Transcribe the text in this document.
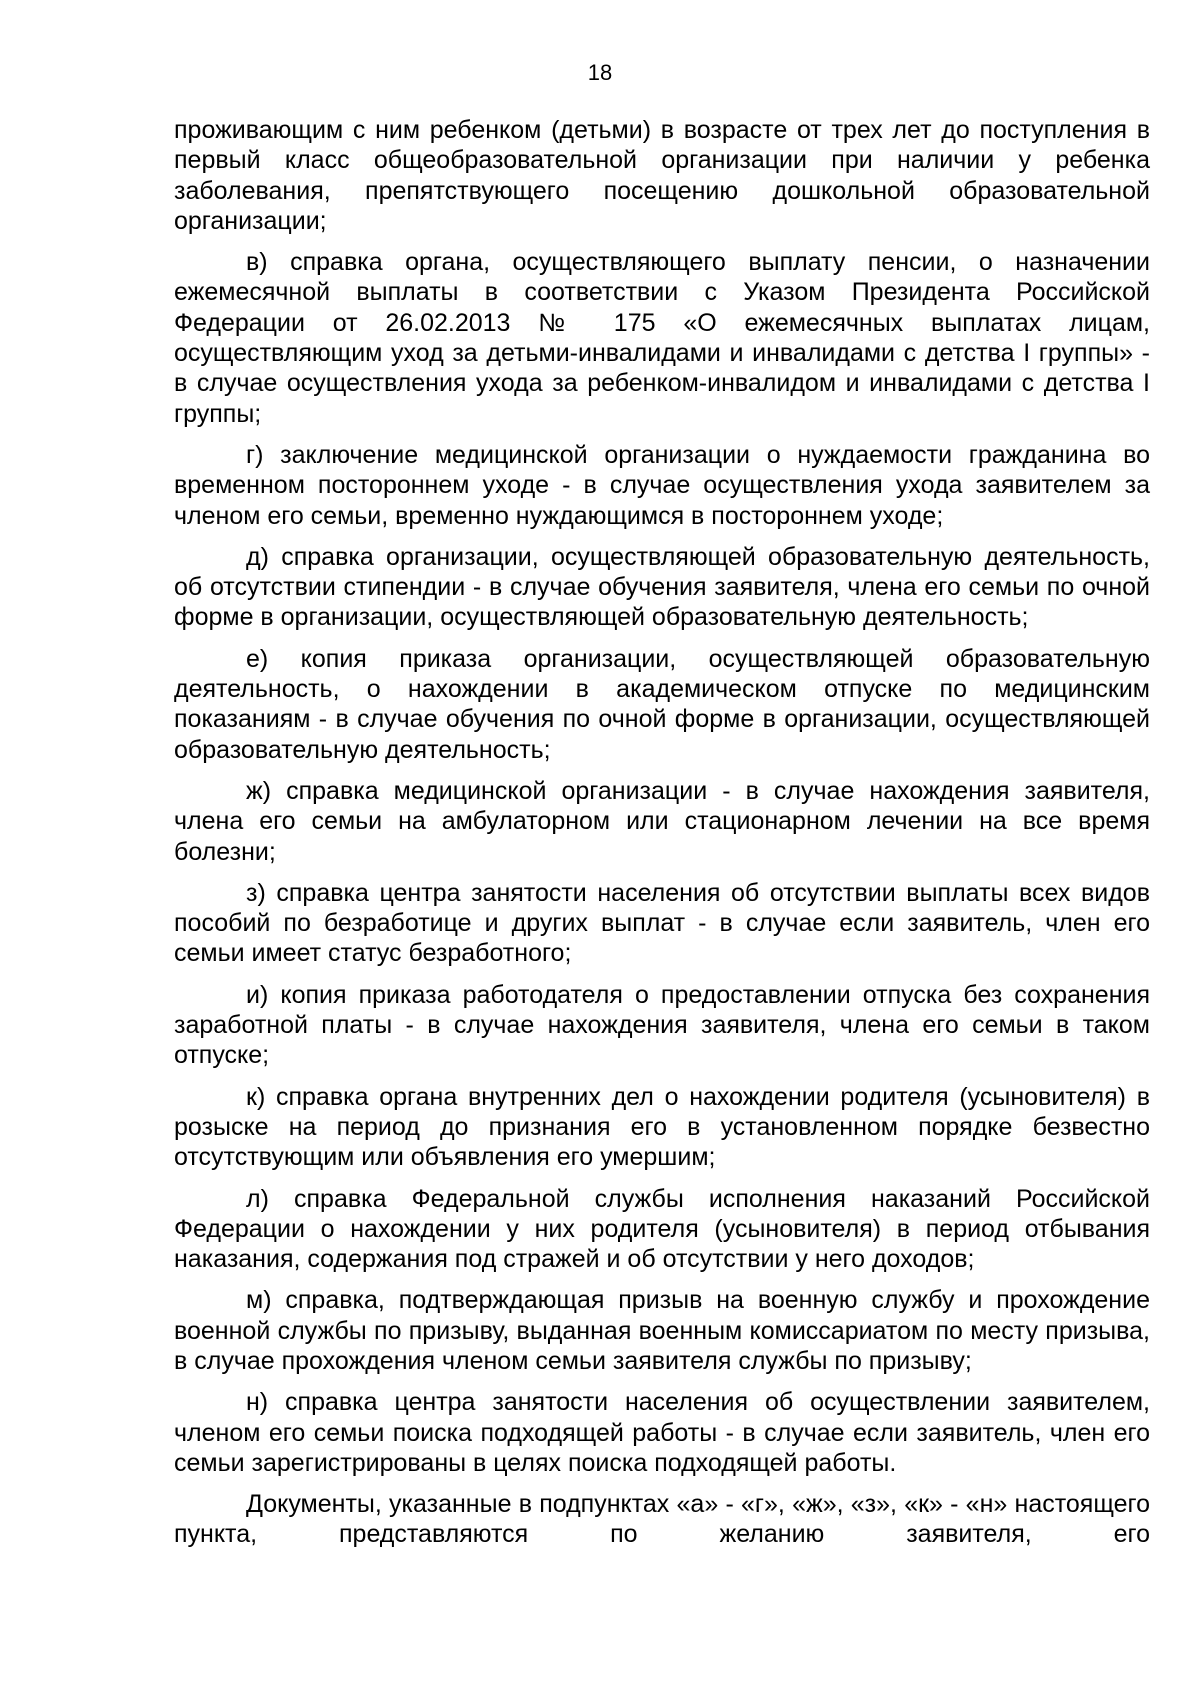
18

проживающим с ним ребенком (детьми) в возрасте от трех лет до поступления в первый класс общеобразовательной организации при наличии у ребенка заболевания, препятствующего посещению дошкольной образовательной организации;

в) справка органа, осуществляющего выплату пенсии, о назначении ежемесячной выплаты в соответствии с Указом Президента Российской Федерации от 26.02.2013 № 175 «О ежемесячных выплатах лицам, осуществляющим уход за детьми-инвалидами и инвалидами с детства I группы» - в случае осуществления ухода за ребенком-инвалидом и инвалидами с детства I группы;

г) заключение медицинской организации о нуждаемости гражданина во временном постороннем уходе - в случае осуществления ухода заявителем за членом его семьи, временно нуждающимся в постороннем уходе;

д) справка организации, осуществляющей образовательную деятельность, об отсутствии стипендии - в случае обучения заявителя, члена его семьи по очной форме в организации, осуществляющей образовательную деятельность;

е) копия приказа организации, осуществляющей образовательную деятельность, о нахождении в академическом отпуске по медицинским показаниям - в случае обучения по очной форме в организации, осуществляющей образовательную деятельность;

ж) справка медицинской организации - в случае нахождения заявителя, члена его семьи на амбулаторном или стационарном лечении на все время болезни;

з) справка центра занятости населения об отсутствии выплаты всех видов пособий по безработице и других выплат - в случае если заявитель, член его семьи имеет статус безработного;

и) копия приказа работодателя о предоставлении отпуска без сохранения заработной платы - в случае нахождения заявителя, члена его семьи в таком отпуске;

к) справка органа внутренних дел о нахождении родителя (усыновителя) в розыске на период до признания его в установленном порядке безвестно отсутствующим или объявления его умершим;

л) справка Федеральной службы исполнения наказаний Российской Федерации о нахождении у них родителя (усыновителя) в период отбывания наказания, содержания под стражей и об отсутствии у него доходов;

м) справка, подтверждающая призыв на военную службу и прохождение военной службы по призыву, выданная военным комиссариатом по месту призыва, в случае прохождения членом семьи заявителя службы по призыву;

н) справка центра занятости населения об осуществлении заявителем, членом его семьи поиска подходящей работы - в случае если заявитель, член его семьи зарегистрированы в целях поиска подходящей работы.

Документы, указанные в подпунктах «а» - «г», «ж», «з», «к» - «н» настоящего пункта, представляются по желанию заявителя, его
